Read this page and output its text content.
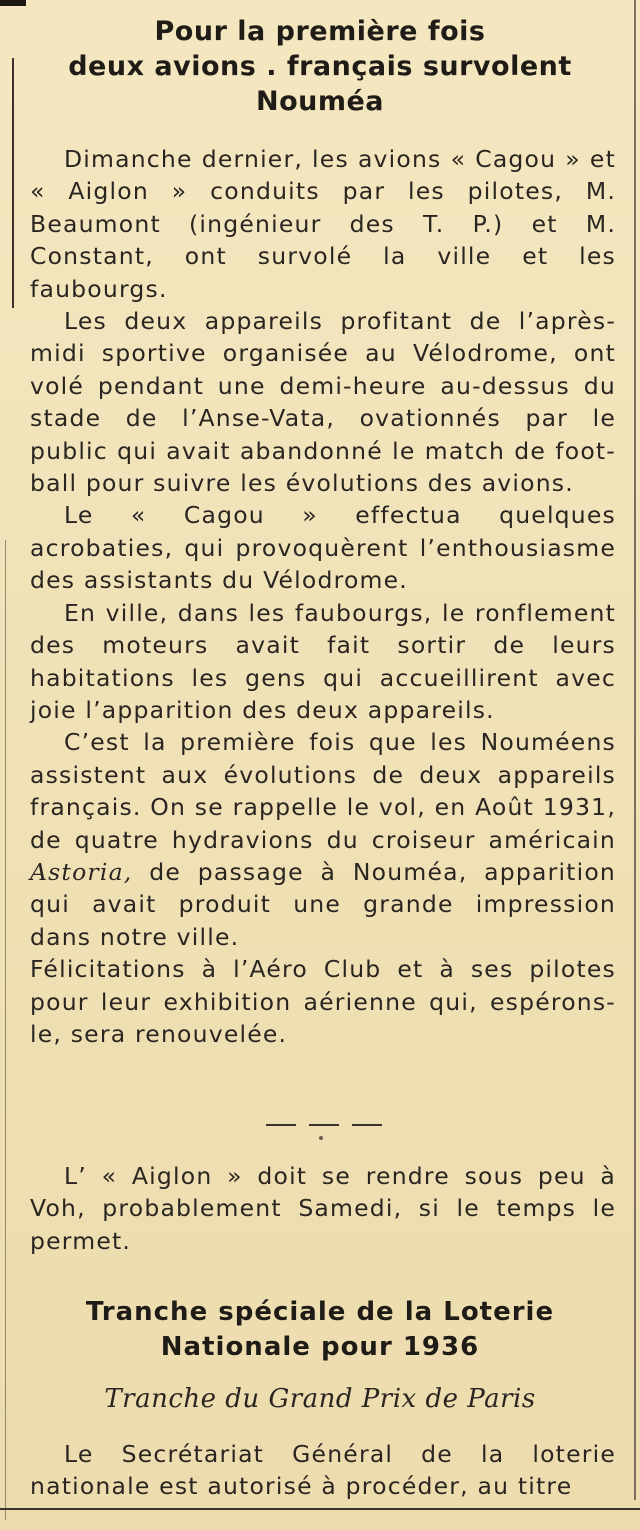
Pour la première fois
deux avions . français survolent
Nouméa

Dimanche dernier, les avions « Cagou » et « Aiglon » conduits par les pilotes, M. Beaumont (ingénieur des T. P.) et M. Constant, ont survolé la ville et les faubourgs.

Les deux appareils profitant de l’après-midi sportive organisée au Vélodrome, ont volé pendant une demi-heure au-dessus du stade de l’Anse-Vata, ovationnés par le public qui avait abandonné le match de foot-ball pour suivre les évolutions des avions.

Le « Cagou » effectua quelques acrobaties, qui provoquèrent l’enthousiasme des assistants du Vélodrome.

En ville, dans les faubourgs, le ronflement des moteurs avait fait sortir de leurs habitations les gens qui accueillirent avec joie l’apparition des deux appareils.

C’est la première fois que les Nouméens assistent aux évolutions de deux appareils français. On se rappelle le vol, en Août 1931, de quatre hydravions du croiseur américain Astoria, de passage à Nouméa, apparition qui avait produit une grande impression dans notre ville.

Félicitations à l’Aéro Club et à ses pilotes pour leur exhibition aérienne qui, espérons-le, sera renouvelée.

L’ « Aiglon » doit se rendre sous peu à Voh, probablement Samedi, si le temps le permet.

Tranche spéciale de la Loterie
Nationale pour 1936
Tranche du Grand Prix de Paris

Le Secrétariat Général de la loterie nationale est autorisé à procéder, au titre
